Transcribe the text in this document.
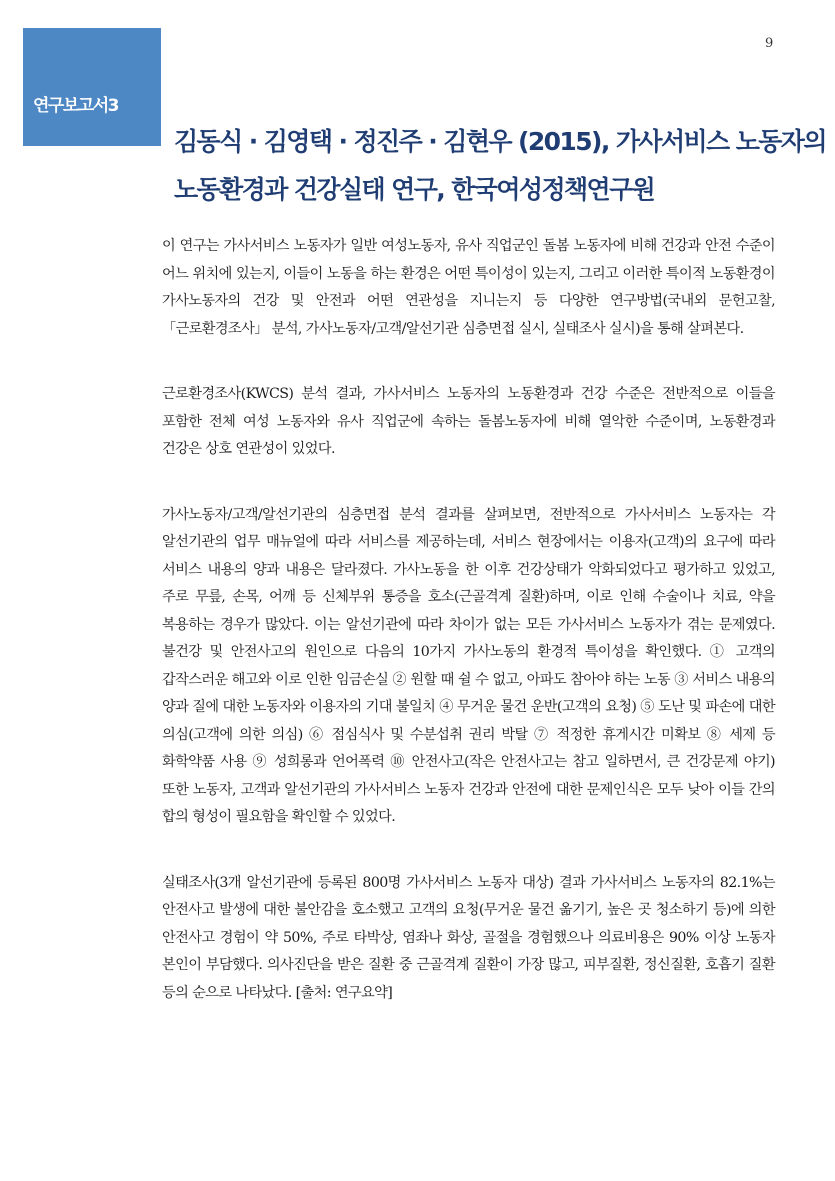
연구보고서3
9
김동식 · 김영택 · 정진주 · 김현우 (2015), 가사서비스 노동자의
노동환경과 건강실태 연구, 한국여성정책연구원

이 연구는 가사서비스 노동자가 일반 여성노동자, 유사 직업군인 돌봄 노동자에 비해 건강과 안전 수준이 어느 위치에 있는지, 이들이 노동을 하는 환경은 어떤 특이성이 있는지, 그리고 이러한 특이적 노동환경이 가사노동자의 건강 및 안전과 어떤 연관성을 지니는지 등 다양한 연구방법(국내외 문헌고찰, 「근로환경조사」 분석, 가사노동자/고객/알선기관 심층면접 실시, 실태조사 실시)을 통해 살펴본다.

근로환경조사(KWCS) 분석 결과, 가사서비스 노동자의 노동환경과 건강 수준은 전반적으로 이들을 포함한 전체 여성 노동자와 유사 직업군에 속하는 돌봄노동자에 비해 열악한 수준이며, 노동환경과 건강은 상호 연관성이 있었다.

가사노동자/고객/알선기관의 심층면접 분석 결과를 살펴보면, 전반적으로 가사서비스 노동자는 각 알선기관의 업무 매뉴얼에 따라 서비스를 제공하는데, 서비스 현장에서는 이용자(고객)의 요구에 따라 서비스 내용의 양과 내용은 달라졌다. 가사노동을 한 이후 건강상태가 악화되었다고 평가하고 있었고, 주로 무릎, 손목, 어깨 등 신체부위 통증을 호소(근골격계 질환)하며, 이로 인해 수술이나 치료, 약을 복용하는 경우가 많았다. 이는 알선기관에 따라 차이가 없는 모든 가사서비스 노동자가 겪는 문제였다. 불건강 및 안전사고의 원인으로 다음의 10가지 가사노동의 환경적 특이성을 확인했다. ① 고객의 갑작스러운 해고와 이로 인한 임금손실 ② 원할 때 쉴 수 없고, 아파도 참아야 하는 노동 ③ 서비스 내용의 양과 질에 대한 노동자와 이용자의 기대 불일치 ④ 무거운 물건 운반(고객의 요청) ⑤ 도난 및 파손에 대한 의심(고객에 의한 의심) ⑥ 점심식사 및 수분섭취 권리 박탈 ⑦ 적정한 휴게시간 미확보 ⑧ 세제 등 화학약품 사용 ⑨ 성희롱과 언어폭력 ⑩ 안전사고(작은 안전사고는 참고 일하면서, 큰 건강문제 야기) 또한 노동자, 고객과 알선기관의 가사서비스 노동자 건강과 안전에 대한 문제인식은 모두 낮아 이들 간의 합의 형성이 필요함을 확인할 수 있었다.

실태조사(3개 알선기관에 등록된 800명 가사서비스 노동자 대상) 결과 가사서비스 노동자의 82.1%는 안전사고 발생에 대한 불안감을 호소했고 고객의 요청(무거운 물건 옮기기, 높은 곳 청소하기 등)에 의한 안전사고 경험이 약 50%, 주로 타박상, 염좌나 화상, 골절을 경험했으나 의료비용은 90% 이상 노동자 본인이 부담했다. 의사진단을 받은 질환 중 근골격계 질환이 가장 많고, 피부질환, 정신질환, 호흡기 질환 등의 순으로 나타났다. [출처: 연구요약]
